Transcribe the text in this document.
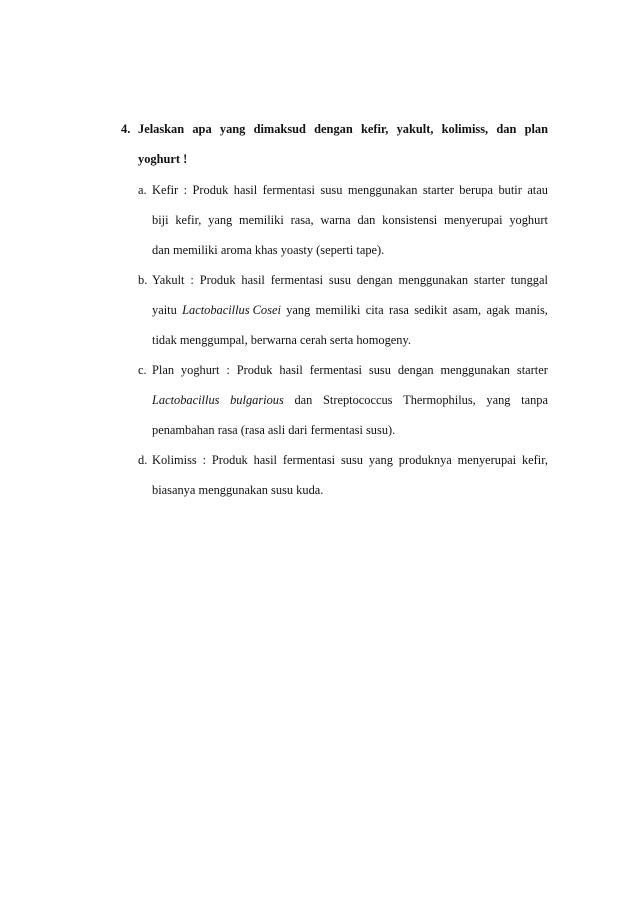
4. Jelaskan apa yang dimaksud dengan kefir, yakult, kolimiss, dan plan
yoghurt !
a. Kefir : Produk hasil fermentasi susu menggunakan starter berupa butir atau
biji kefir, yang memiliki rasa, warna dan konsistensi menyerupai yoghurt
dan memiliki aroma khas yoasty (seperti tape).
b. Yakult : Produk hasil fermentasi susu dengan menggunakan starter tunggal
yaitu Lactobacillus Cosei yang memiliki cita rasa sedikit asam, agak manis,
tidak menggumpal, berwarna cerah serta homogeny.
c. Plan yoghurt : Produk hasil fermentasi susu dengan menggunakan starter
Lactobacillus bulgarious dan Streptococcus Thermophilus, yang tanpa
penambahan rasa (rasa asli dari fermentasi susu).
d. Kolimiss : Produk hasil fermentasi susu yang produknya menyerupai kefir,
biasanya menggunakan susu kuda.
